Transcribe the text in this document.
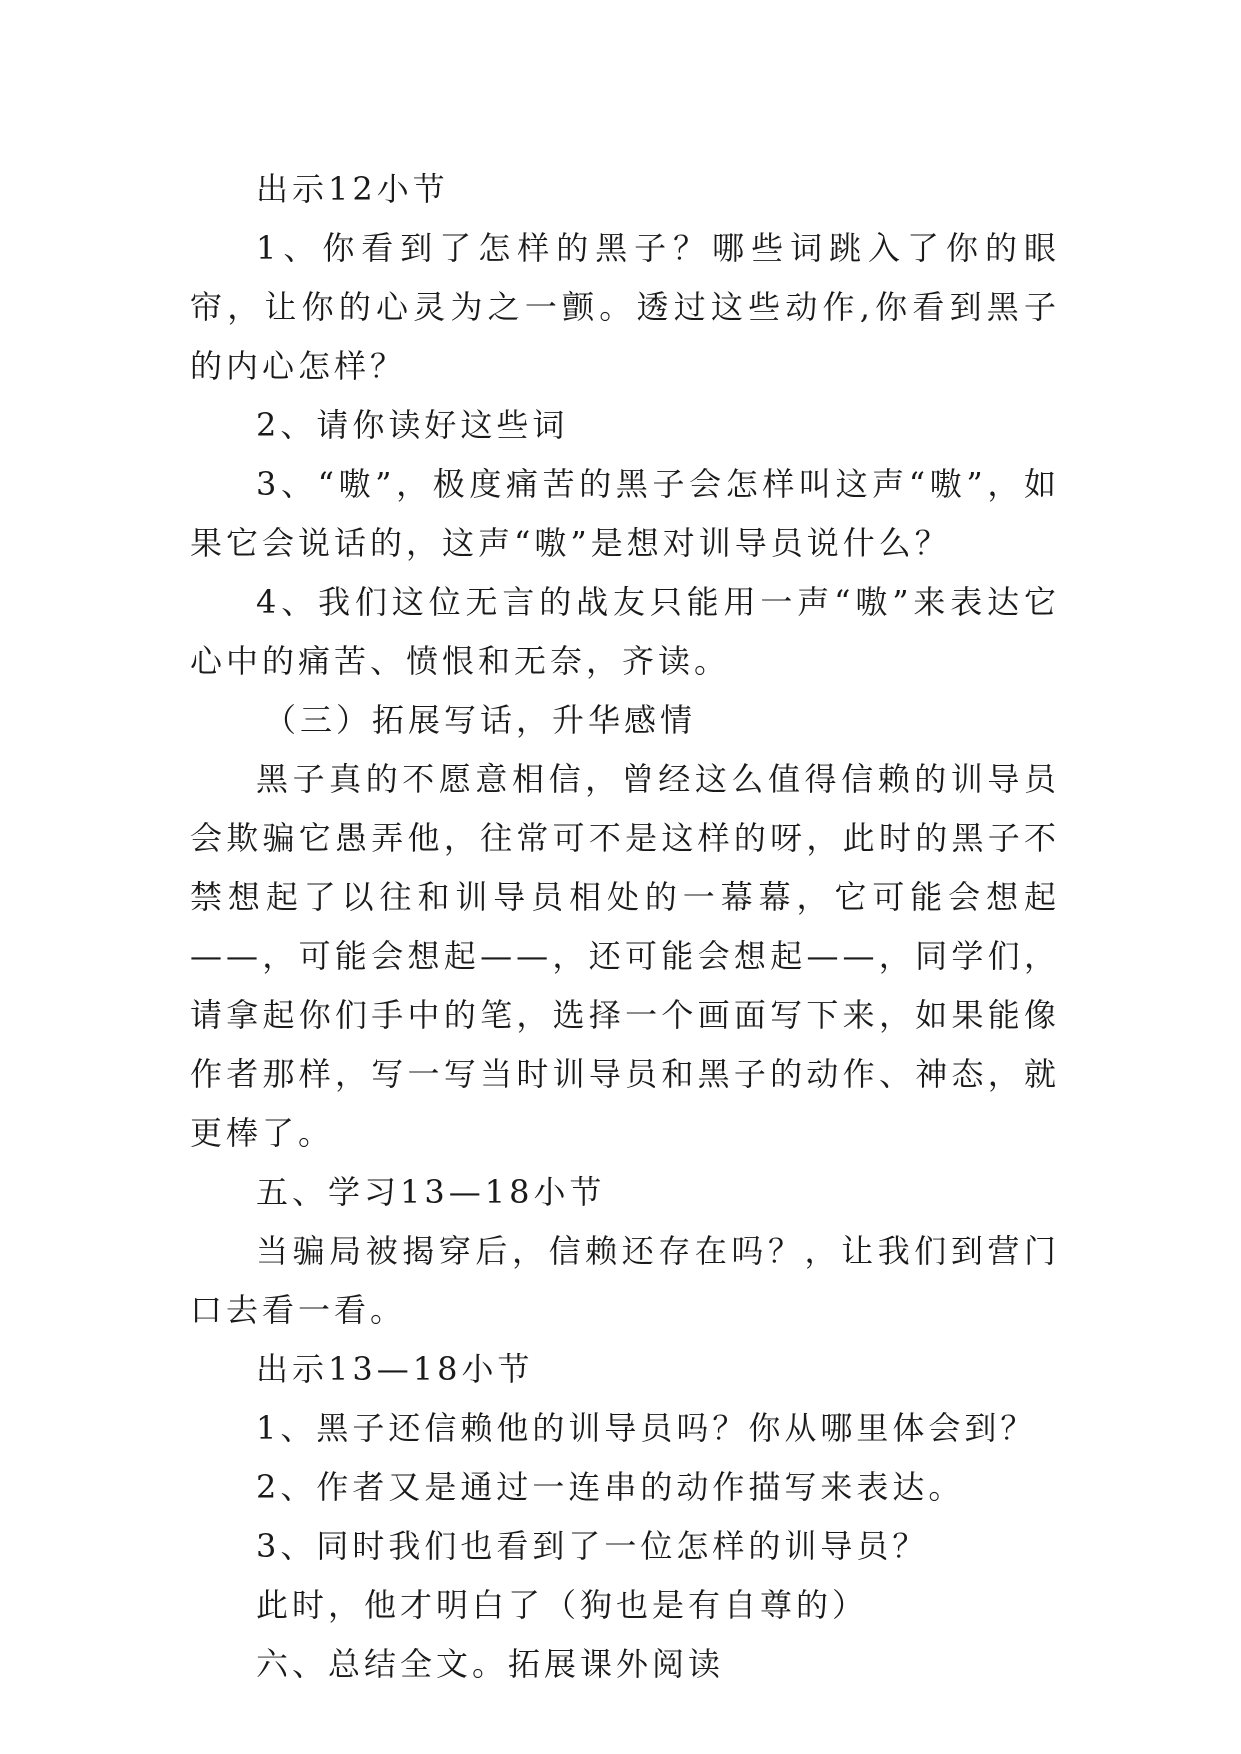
出示12小节

1、你看到了怎样的黑子？哪些词跳入了你的眼帘，让你的心灵为之一颤。透过这些动作,你看到黑子的内心怎样？

2、请你读好这些词

3、“嗷”，极度痛苦的黑子会怎样叫这声“嗷”，如果它会说话的，这声“嗷”是想对训导员说什么？

4、我们这位无言的战友只能用一声“嗷”来表达它心中的痛苦、愤恨和无奈，齐读。

（三）拓展写话，升华感情

黑子真的不愿意相信，曾经这么值得信赖的训导员会欺骗它愚弄他，往常可不是这样的呀，此时的黑子不禁想起了以往和训导员相处的一幕幕，它可能会想起——，可能会想起——，还可能会想起——，同学们，请拿起你们手中的笔，选择一个画面写下来，如果能像作者那样，写一写当时训导员和黑子的动作、神态，就更棒了。

五、学习13—18小节

当骗局被揭穿后，信赖还存在吗？，让我们到营门口去看一看。

出示13—18小节

1、黑子还信赖他的训导员吗？你从哪里体会到？

2、作者又是通过一连串的动作描写来表达。

3、同时我们也看到了一位怎样的训导员？

此时，他才明白了（狗也是有自尊的）

六、总结全文。拓展课外阅读
